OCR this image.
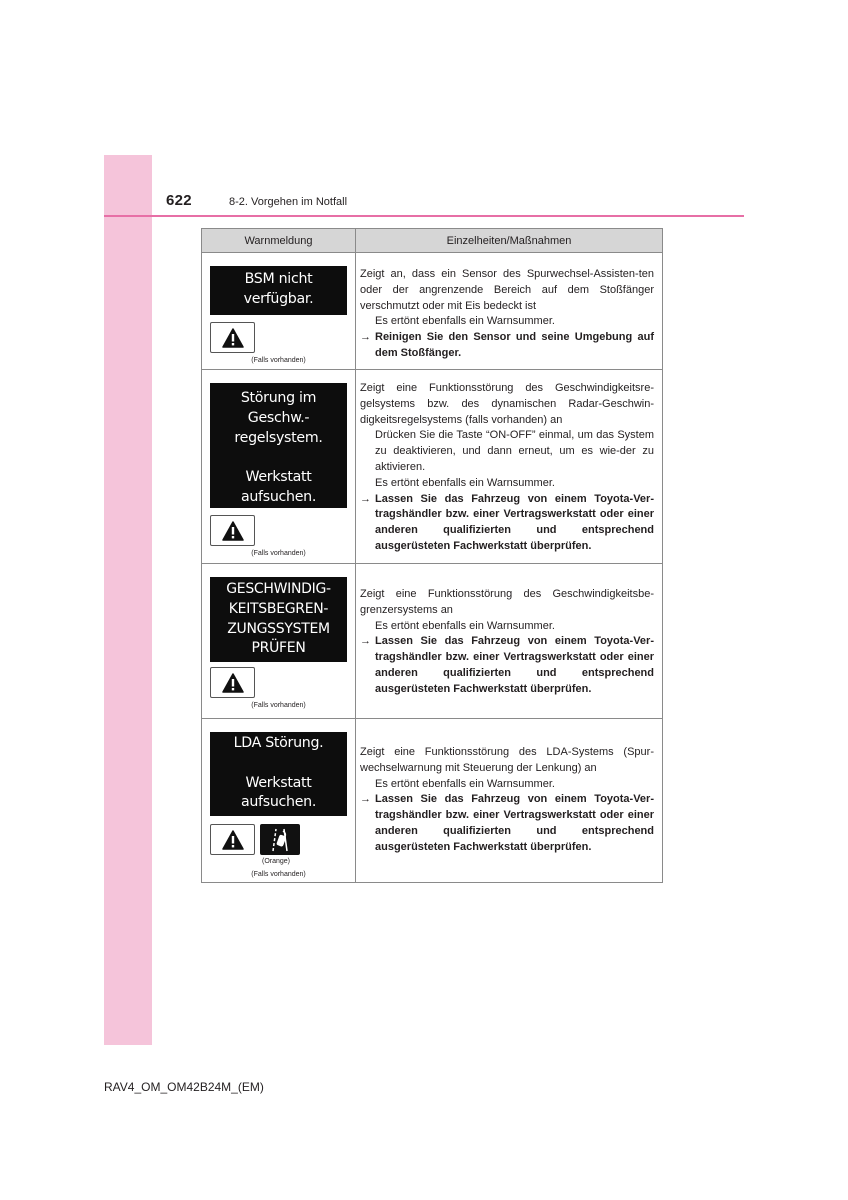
622	8-2. Vorgehen im Notfall
Warnmeldung	Einzelheiten/Maßnahmen
BSM nicht
verfügbar.
(Falls vorhanden)
Zeigt an, dass ein Sensor des Spurwechsel-Assisten-ten oder der angrenzende Bereich auf dem Stoßfänger verschmutzt oder mit Eis bedeckt ist
Es ertönt ebenfalls ein Warnsummer.
→ Reinigen Sie den Sensor und seine Umgebung auf dem Stoßfänger.
Störung im
Geschw.-
regelsystem.

Werkstatt
aufsuchen.
(Falls vorhanden)
Zeigt eine Funktionsstörung des Geschwindigkeitsre-gelsystems bzw. des dynamischen Radar-Geschwin-digkeitsregelsystems (falls vorhanden) an
Drücken Sie die Taste “ON-OFF” einmal, um das System zu deaktivieren, und dann erneut, um es wie-der zu aktivieren.
Es ertönt ebenfalls ein Warnsummer.
→ Lassen Sie das Fahrzeug von einem Toyota-Ver-tragshändler bzw. einer Vertragswerkstatt oder einer anderen qualifizierten und entsprechend ausgerüsteten Fachwerkstatt überprüfen.
GESCHWINDIG-
KEITSBEGREN-
ZUNGSSYSTEM
PRÜFEN
(Falls vorhanden)
Zeigt eine Funktionsstörung des Geschwindigkeitsbe-grenzersystems an
Es ertönt ebenfalls ein Warnsummer.
→ Lassen Sie das Fahrzeug von einem Toyota-Ver-tragshändler bzw. einer Vertragswerkstatt oder einer anderen qualifizierten und entsprechend ausgerüsteten Fachwerkstatt überprüfen.
LDA Störung.

Werkstatt
aufsuchen.
(Orange)
(Falls vorhanden)
Zeigt eine Funktionsstörung des LDA-Systems (Spur-wechselwarnung mit Steuerung der Lenkung) an
Es ertönt ebenfalls ein Warnsummer.
→ Lassen Sie das Fahrzeug von einem Toyota-Ver-tragshändler bzw. einer Vertragswerkstatt oder einer anderen qualifizierten und entsprechend ausgerüsteten Fachwerkstatt überprüfen.
RAV4_OM_OM42B24M_(EM)
